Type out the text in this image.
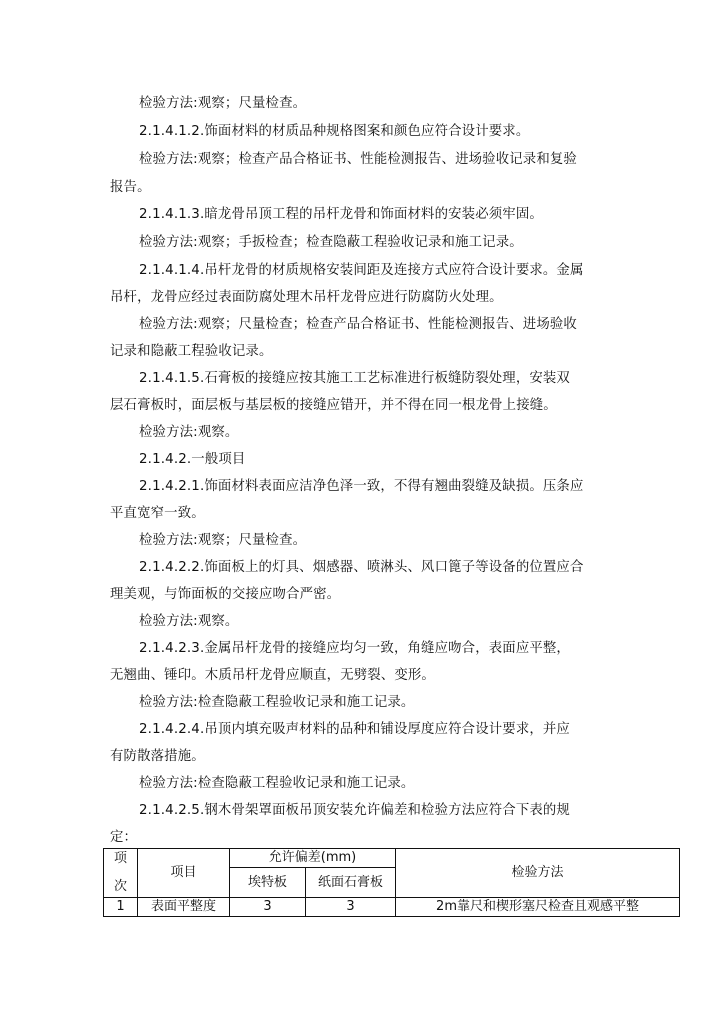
检验方法:观察；尺量检查。
2.1.4.1.2.饰面材料的材质品种规格图案和颜色应符合设计要求。
检验方法:观察；检查产品合格证书、性能检测报告、进场验收记录和复验
报告。
2.1.4.1.3.暗龙骨吊顶工程的吊杆龙骨和饰面材料的安装必须牢固。
检验方法:观察；手扳检查；检查隐蔽工程验收记录和施工记录。
2.1.4.1.4.吊杆龙骨的材质规格安装间距及连接方式应符合设计要求。金属
吊杆，龙骨应经过表面防腐处理木吊杆龙骨应进行防腐防火处理。
检验方法:观察；尺量检查；检查产品合格证书、性能检测报告、进场验收
记录和隐蔽工程验收记录。
2.1.4.1.5.石膏板的接缝应按其施工工艺标准进行板缝防裂处理，安装双
层石膏板时，面层板与基层板的接缝应错开，并不得在同一根龙骨上接缝。
检验方法:观察。
2.1.4.2.一般项目
2.1.4.2.1.饰面材料表面应洁净色泽一致，不得有翘曲裂缝及缺损。压条应
平直宽窄一致。
检验方法:观察；尺量检查。
2.1.4.2.2.饰面板上的灯具、烟感器、喷淋头、风口篦子等设备的位置应合
理美观，与饰面板的交接应吻合严密。
检验方法:观察。
2.1.4.2.3.金属吊杆龙骨的接缝应均匀一致，角缝应吻合，表面应平整，
无翘曲、锤印。木质吊杆龙骨应顺直，无劈裂、变形。
检验方法:检查隐蔽工程验收记录和施工记录。
2.1.4.2.4.吊顶内填充吸声材料的品种和铺设厚度应符合设计要求，并应
有防散落措施。
检验方法:检查隐蔽工程验收记录和施工记录。
2.1.4.2.5.钢木骨架罩面板吊顶安装允许偏差和检验方法应符合下表的规
定：
项
次	项目	允许偏差(mm)		检验方法
		埃特板	纸面石膏板	
1	表面平整度	3	3	2m靠尺和楔形塞尺检查且观感平整
